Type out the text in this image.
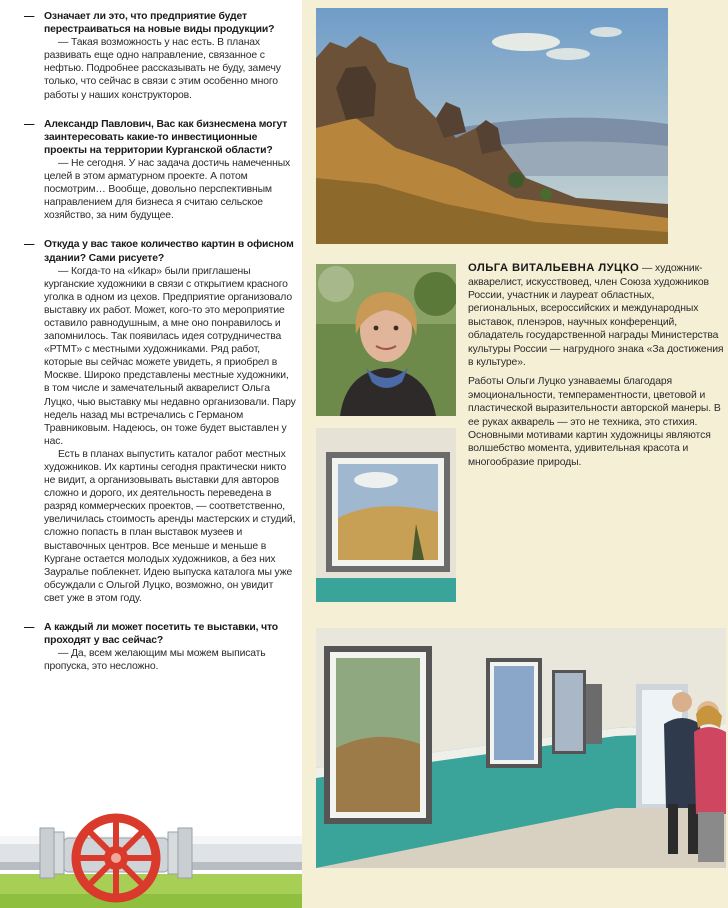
— Означает ли это, что предприятие будет перестраиваться на новые виды продукции?

— Такая возможность у нас есть. В планах развивать еще одно направление, связанное с нефтью. Подробнее рассказывать не буду, замечу только, что сейчас в связи с этим особенно много работы у наших конструкторов.

— Александр Павлович, Вас как бизнесмена могут заинтересовать какие-то инвестиционные проекты на территории Курганской области?

— Не сегодня. У нас задача достичь намеченных целей в этом арматурном проекте. А потом посмотрим… Вообще, довольно перспективным направлением для бизнеса я считаю сельское хозяйство, за ним будущее.

— Откуда у вас такое количество картин в офисном здании? Сами рисуете?

— Когда-то на «Икар» были приглашены курганские художники в связи с открытием красного уголка в одном из цехов. Предприятие организовало выставку их работ. Может, кого-то это мероприятие оставило равнодушным, а мне оно понравилось и запомнилось. Так появилась идея сотрудничества «РТМТ» с местными художниками. Ряд работ, которые вы сейчас можете увидеть, я приобрел в Москве. Широко представлены местные художники, в том числе и замечательный акварелист Ольга Луцко, чью выставку мы недавно организовали. Пару недель назад мы встречались с Германом Травниковым. Надеюсь, он тоже будет выставлен у нас.

Есть в планах выпустить каталог работ местных художников. Их картины сегодня практически никто не видит, а организовывать выставки для авторов сложно и дорого, их деятельность переведена в разряд коммерческих проектов, — соответственно, увеличилась стоимость аренды мастерских и студий, сложно попасть в план выставок музеев и выставочных центров. Все меньше и меньше в Кургане остается молодых художников, а без них Зауралье поблекнет. Идею выпуска каталога мы уже обсуждали с Ольгой Луцко, возможно, он увидит свет уже в этом году.

— А каждый ли может посетить те выставки, что проходят у вас сейчас?

— Да, всем желающим мы можем выписать пропуска, это несложно.

ОЛЬГА ВИТАЛЬЕВНА ЛУЦКО — художник-акварелист, искусствовед, член Союза художников России, участник и лауреат областных, региональных, всероссийских и международных выставок, пленэров, научных конференций, обладатель государственной награды Министерства культуры России — нагрудного знака «За достижения в культуре».

Работы Ольги Луцко узнаваемы благодаря эмоциональности, темпераментности, цветовой и пластической выразительности авторской манеры. В ее руках акварель — это не техника, это стихия. Основными мотивами картин художницы являются волшебство момента, удивительная красота и многообразие природы.
